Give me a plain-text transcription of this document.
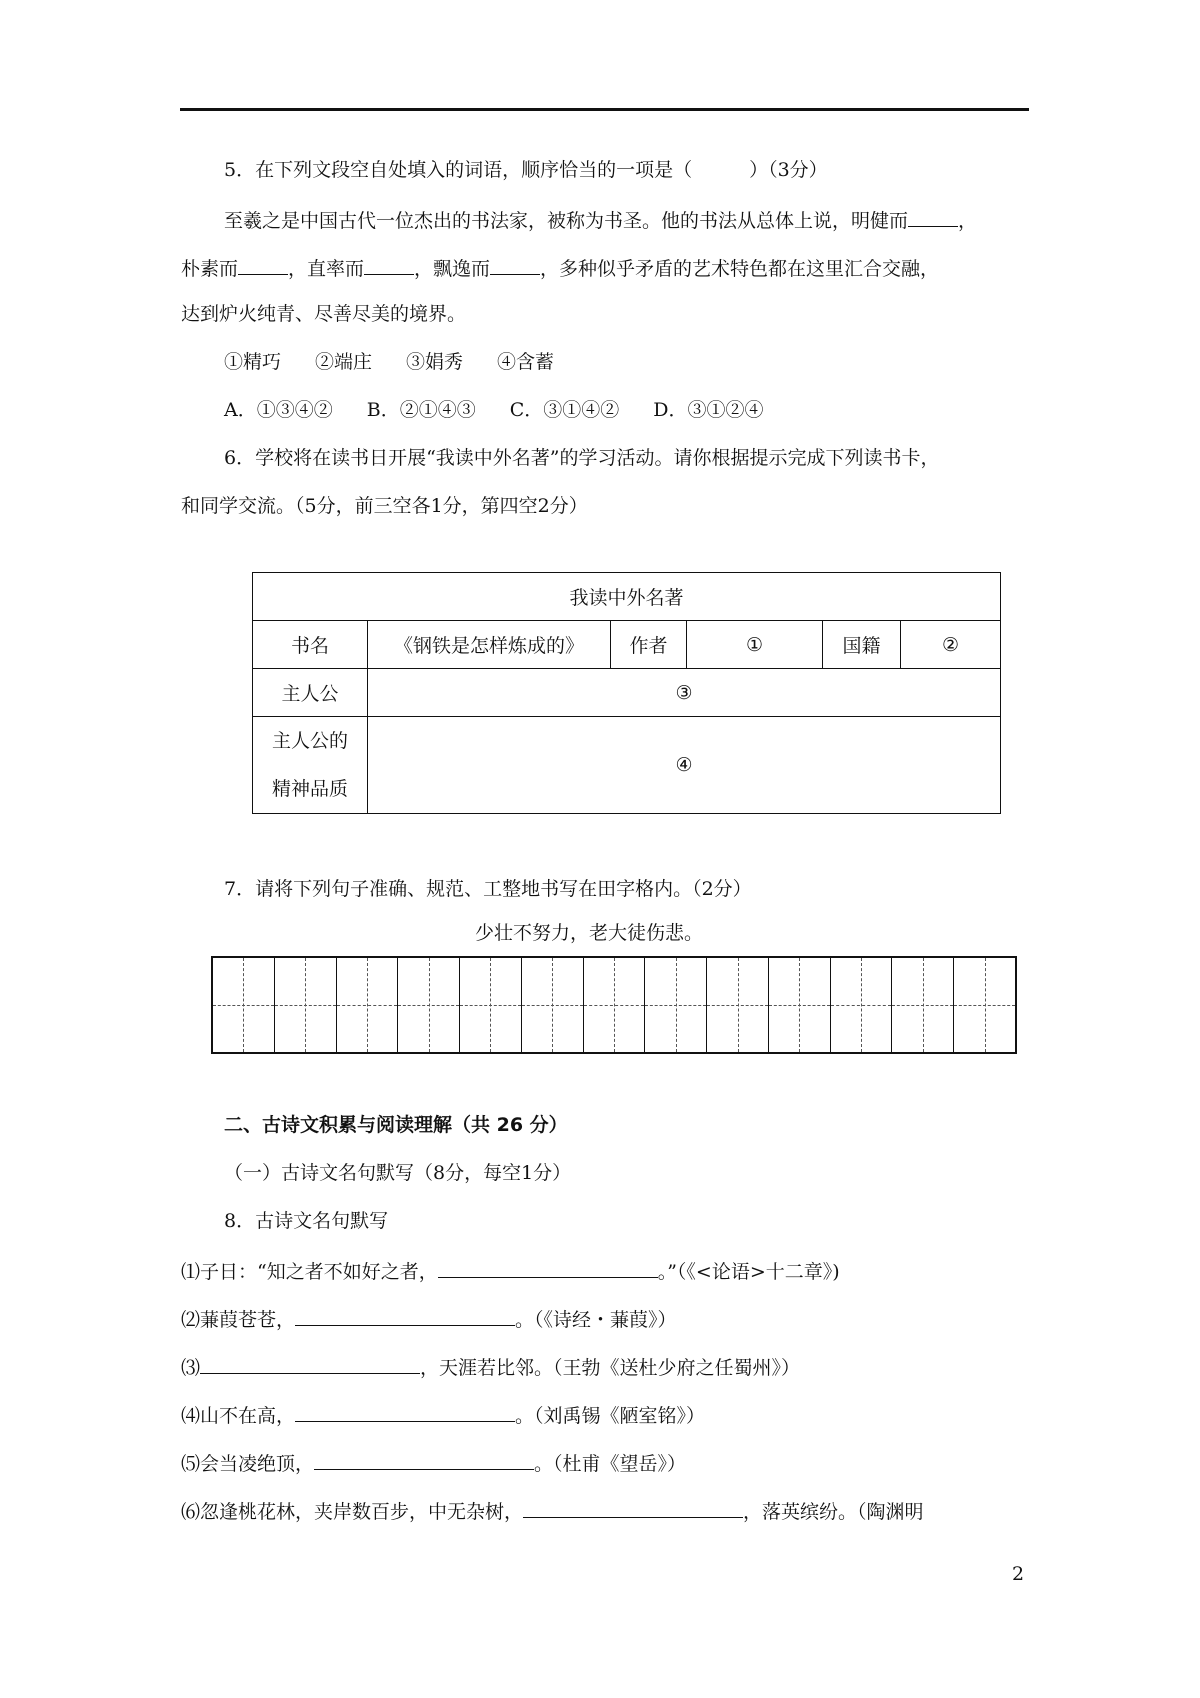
5．在下列文段空自处填入的词语，顺序恰当的一项是（　　　）（3分）
至羲之是中国古代一位杰出的书法家，被称为书圣。他的书法从总体上说，明健而	，
朴素而	，直率而	，飘逸而	，多种似乎矛盾的艺术特色都在这里汇合交融，
达到炉火纯青、尽善尽美的境界。
①精巧 ②端庄 ③娟秀 ④含蓄
A．①③④② B．②①④③ C．③①④② D．③①②④
6．学校将在读书日开展“我读中外名著”的学习活动。请你根据提示完成下列读书卡，
和同学交流。（5分，前三空各1分，第四空2分）
我读中外名著					
书名	《钢铁是怎样炼成的》	作者	①	国籍	②
主人公	③				

主人公的
精神品质	④				
7．请将下列句子准确、规范、工整地书写在田字格内。（2分）
少壮不努力，老大徒伤悲。
二、古诗文积累与阅读理解（共 26 分）
（一）古诗文名句默写（8分，每空1分）
8．古诗文名句默写
⑴子日：“知之者不如好之者，	。”（《<论语>十二章》)
⑵蒹葭苍苍，	。（《诗经・蒹葭》）
⑶	，天涯若比邻。（王勃《送杜少府之任蜀州》）
⑷山不在高，	。（刘禹锡《陋室铭》）
⑸会当凌绝顶，	。（杜甫《望岳》）
⑹忽逢桃花林，夹岸数百步，中无杂树，	，落英缤纷。（陶渊明
2
